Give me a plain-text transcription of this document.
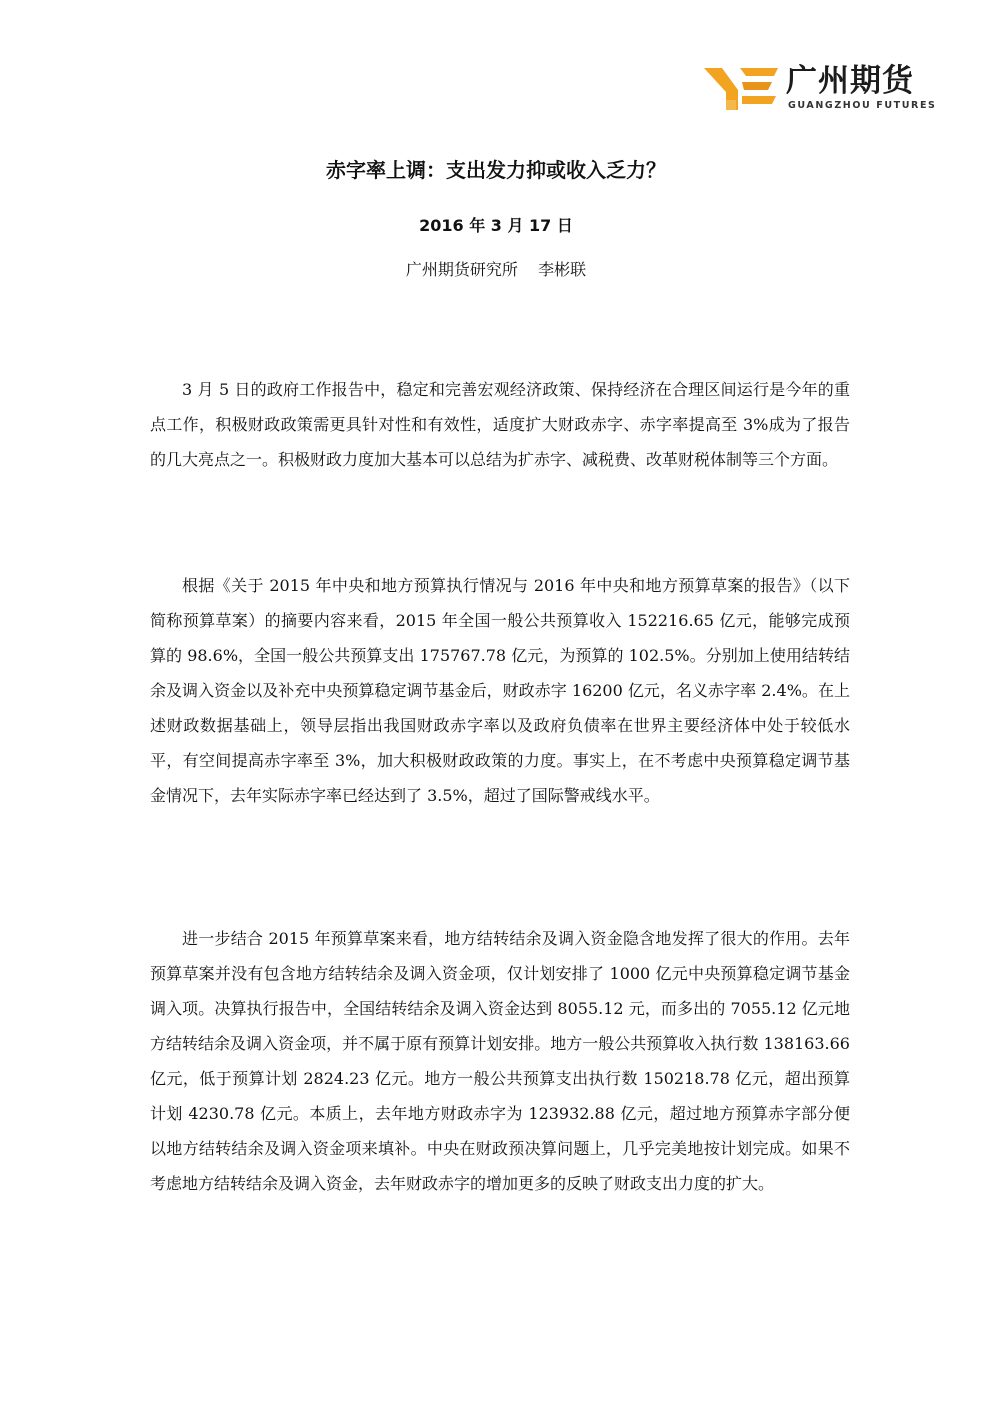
广州期货
GUANGZHOU FUTURES
赤字率上调：支出发力抑或收入乏力？
2016 年 3 月 17 日
广州期货研究所    李彬联

3 月 5 日的政府工作报告中，稳定和完善宏观经济政策、保持经济在合理区间运行是今年的重点工作，积极财政政策需更具针对性和有效性，适度扩大财政赤字、赤字率提高至 3%成为了报告的几大亮点之一。积极财政力度加大基本可以总结为扩赤字、减税费、改革财税体制等三个方面。

根据《关于 2015 年中央和地方预算执行情况与 2016 年中央和地方预算草案的报告》（以下简称预算草案）的摘要内容来看，2015 年全国一般公共预算收入 152216.65 亿元，能够完成预算的 98.6%，全国一般公共预算支出 175767.78 亿元，为预算的 102.5%。分别加上使用结转结余及调入资金以及补充中央预算稳定调节基金后，财政赤字 16200 亿元，名义赤字率 2.4%。在上述财政数据基础上，领导层指出我国财政赤字率以及政府负债率在世界主要经济体中处于较低水平，有空间提高赤字率至 3%，加大积极财政政策的力度。事实上，在不考虑中央预算稳定调节基金情况下，去年实际赤字率已经达到了 3.5%，超过了国际警戒线水平。

进一步结合 2015 年预算草案来看，地方结转结余及调入资金隐含地发挥了很大的作用。去年预算草案并没有包含地方结转结余及调入资金项，仅计划安排了 1000 亿元中央预算稳定调节基金调入项。决算执行报告中，全国结转结余及调入资金达到 8055.12 元，而多出的 7055.12 亿元地方结转结余及调入资金项，并不属于原有预算计划安排。地方一般公共预算收入执行数 138163.66 亿元，低于预算计划 2824.23 亿元。地方一般公共预算支出执行数 150218.78 亿元，超出预算计划 4230.78 亿元。本质上，去年地方财政赤字为 123932.88 亿元，超过地方预算赤字部分便以地方结转结余及调入资金项来填补。中央在财政预决算问题上，几乎完美地按计划完成。如果不考虑地方结转结余及调入资金，去年财政赤字的增加更多的反映了财政支出力度的扩大。
